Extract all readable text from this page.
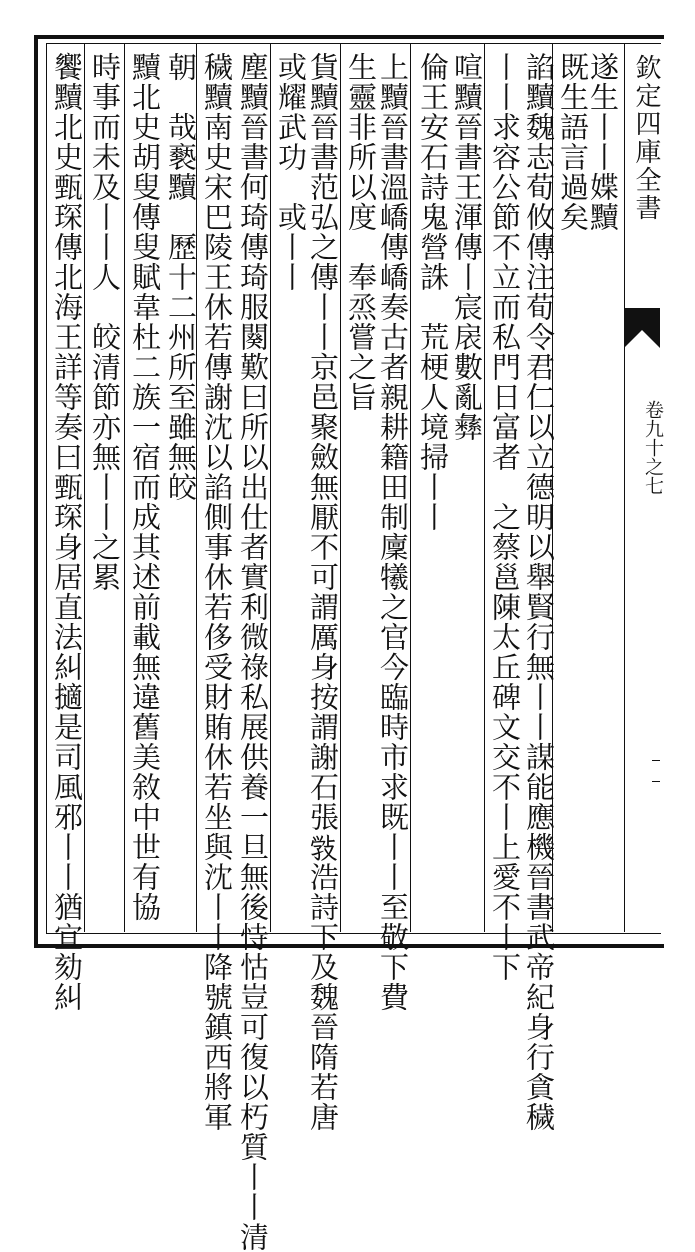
欽定四庫全書
卷九十之七
遂生丨丨媟黷
既生語言過矣
諂黷魏志荀攸傳注荀令君仁以立德明以舉賢行無丨丨謀能應機晉書武帝紀身行貪穢
丨丨求容公節不立而私門日富者　之蔡邕陳太丘碑文交不丨上愛不丨下
喧黷晉書王渾傳丨宸扆數亂彝
倫王安石詩鬼營誅　荒梗人境掃丨丨
上黷晉書溫嶠傳嶠奏古者親耕籍田制廩犧之官今臨時市求既丨丨至敬下費
生靈非所以度　奉烝嘗之旨
貨黷晉書范弘之傳丨丨京邑聚斂無厭不可謂厲身按謂謝石張𢽾浩詩下及魏晉隋若唐
或耀武功　或丨丨
塵黷晉書何琦傳琦服闋歎曰所以出仕者實利微祿私展供養一旦無後恃怙豈可復以朽質丨丨清
穢黷南史宋巴陵王休若傳謝沈以諂側事休若侈受財賄休若坐與沈丨丨降號鎮西將軍
朝　哉褻黷　歷十二州所至雖無皎
黷北史胡叟傳叟賦韋杜二族一宿而成其述前載無違舊美敘中世有協
時事而未及丨丨人　皎清節亦無丨丨之累
饗黷北史甄琛傳北海王詳等奏曰甄琛身居直法糾擿是司風邪丨丨猶宜劾糾
